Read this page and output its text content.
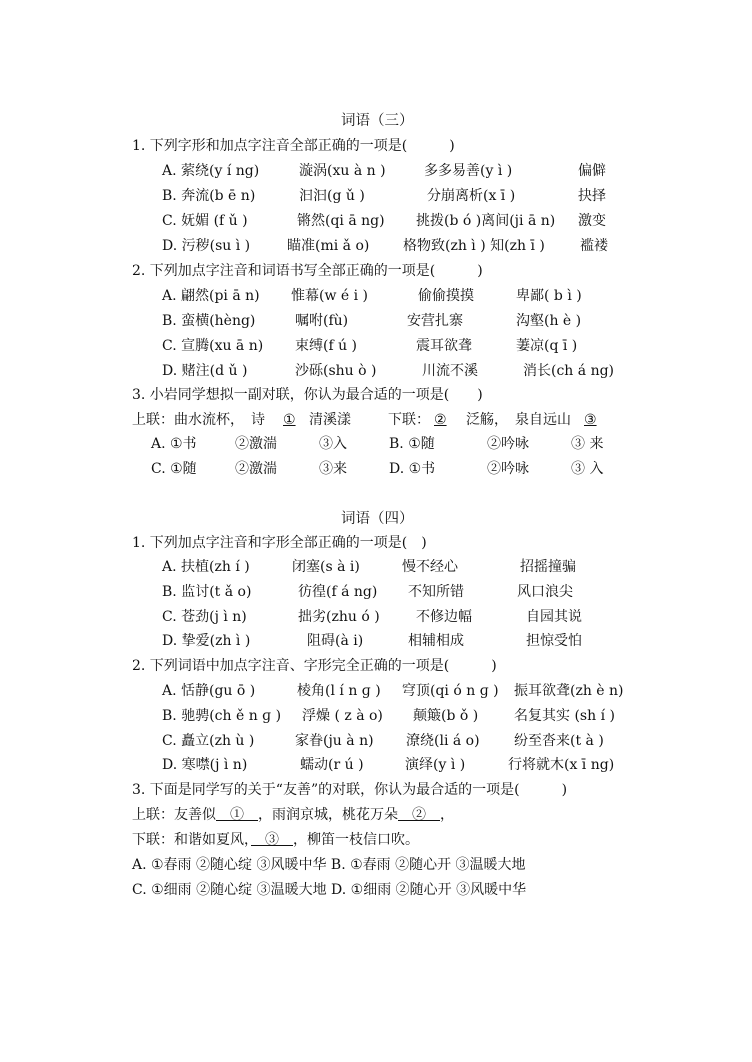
词语（三）
1. 下列字形和加点字注音全部正确的一项是(　　　)
A. 萦绕(y í ng)	漩涡(xu à n )	多多易善(y ì )	偏僻
B. 奔流(b ē n)	汩汩(g ǔ )	分崩离析(x ī )	抉择
C. 妩媚 (f ǔ )	锵然(qi ā ng) 挑拨(b ó )离间(ji ā n) 激变
D. 污秽(su ì )	瞄准(mi ǎ o) 格物致(zh ì ) 知(zh ī )	褴褛
2. 下列加点字注音和词语书写全部正确的一项是(　　　)
A. 翩然(pi ā n) 惟幕(w é i )	偷偷摸摸	卑鄙( b ì )
B. 蛮横(hèng)	嘱咐(fù)	安营扎寨	沟壑(h è )
C. 宣腾(xu ā n) 束缚(f ú )	震耳欲聋	萋凉(q ī )
D. 赌注(d ǔ )	沙砾(shu ò )	川流不溪	消长(ch á ng)
3. 小岩同学想拟一副对联，你认为最合适的一项是(　　)
上联：曲水流杯，　诗 ① 清溪漾	下联： ② 泛觞，　泉自远山 ③
A. ①书	②激湍	③入	B. ①随	②吟咏	③ 来
C. ①随	②激湍	③来	D. ①书	②吟咏	③ 入
词语（四）
1. 下列加点字注音和字形全部正确的一项是(　)
A. 扶植(zh í )	闭塞(s à i)	慢不经心	招摇撞骗
B. 监讨(t ǎ o)	彷徨(f á ng) 不知所错	风口浪尖
C. 苍劲(j ì n)	拙劣(zhu ó )	不修边幅	自园其说
D. 挚爱(zh ì )	阻碍(à i)	相辅相成	担惊受怕
2. 下列词语中加点字注音、字形完全正确的一项是(　　　)
A. 恬静(gu ō )	棱角(l í n ɡ ) 穹顶(qi ó n ɡ ) 振耳欲聋(zh è n)
B. 驰骋(ch ě n ɡ ) 浮燥 ( z à o) 颠簸(b ǒ )	名复其实 (sh í )
C. 矗立(zh ù )	家眷(ju à n) 潦绕(li á o) 纷至沓来(t à )
D. 寒噤(j ì n)	蠕动(r ú )	演绎(y ì )	行将就木(x ī ng)
3. 下面是同学写的关于“友善”的对联，你认为最合适的一项是(　　　)
上联：友善似　①　，雨润京城，桃花万朵　②　，
下联：和谐如夏风，　③　，柳笛一枝信口吹。
A. ①春雨 ②随心绽 ③风暖中华 B. ①春雨 ②随心开 ③温暖大地
C. ①细雨 ②随心绽 ③温暖大地 D. ①细雨 ②随心开 ③风暖中华
